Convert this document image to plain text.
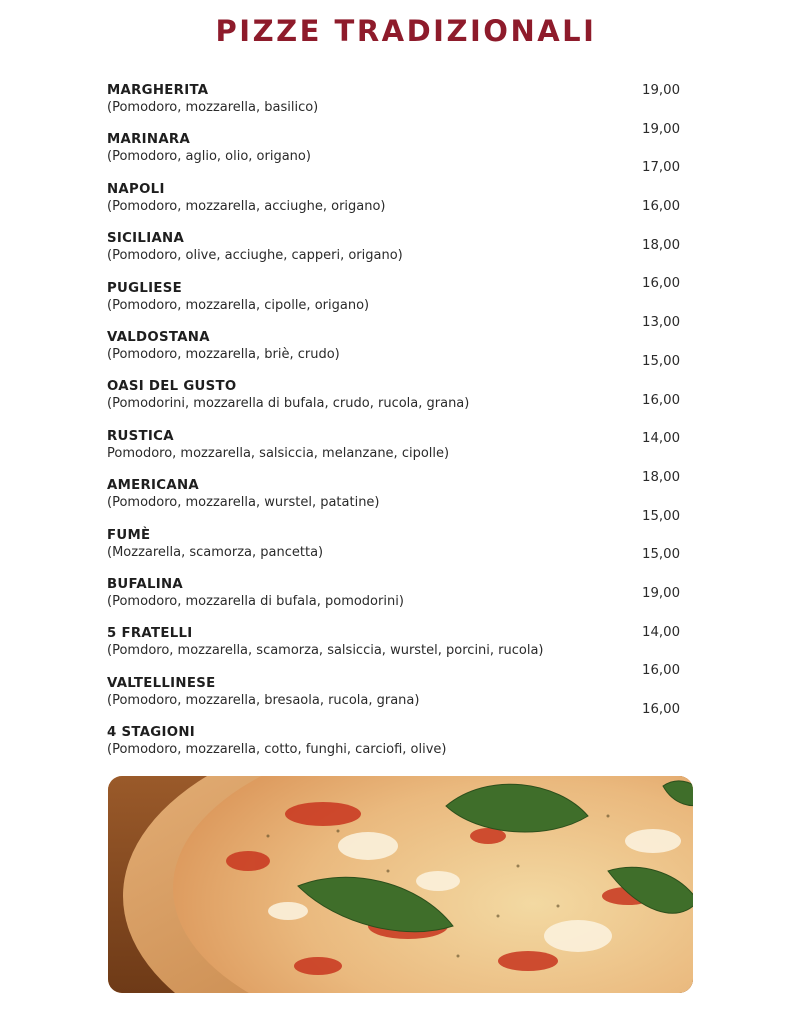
PIZZE TRADIZIONALI
MARGHERITA
(Pomodoro, mozzarella, basilico)
MARINARA
(Pomodoro, aglio, olio, origano)
NAPOLI
(Pomodoro, mozzarella, acciughe, origano)
SICILIANA
(Pomodoro, olive, acciughe, capperi, origano)
PUGLIESE
(Pomodoro, mozzarella, cipolle, origano)
VALDOSTANA
(Pomodoro, mozzarella, briè, crudo)
OASI DEL GUSTO
(Pomodorini, mozzarella di bufala, crudo, rucola, grana)
RUSTICA
Pomodoro, mozzarella, salsiccia, melanzane, cipolle)
AMERICANA
(Pomodoro, mozzarella, wurstel, patatine)
FUMÈ
(Mozzarella, scamorza, pancetta)
BUFALINA
(Pomodoro, mozzarella di bufala, pomodorini)
5 FRATELLI
(Pomdoro, mozzarella, scamorza, salsiccia, wurstel, porcini, rucola)
VALTELLINESE
(Pomodoro, mozzarella, bresaola, rucola, grana)
4 STAGIONI
(Pomodoro, mozzarella, cotto, funghi, carciofi, olive)
19,00
19,00
17,00
16,00
18,00
16,00
13,00
15,00
16,00
14,00
18,00
15,00
15,00
19,00
14,00
16,00
16,00
